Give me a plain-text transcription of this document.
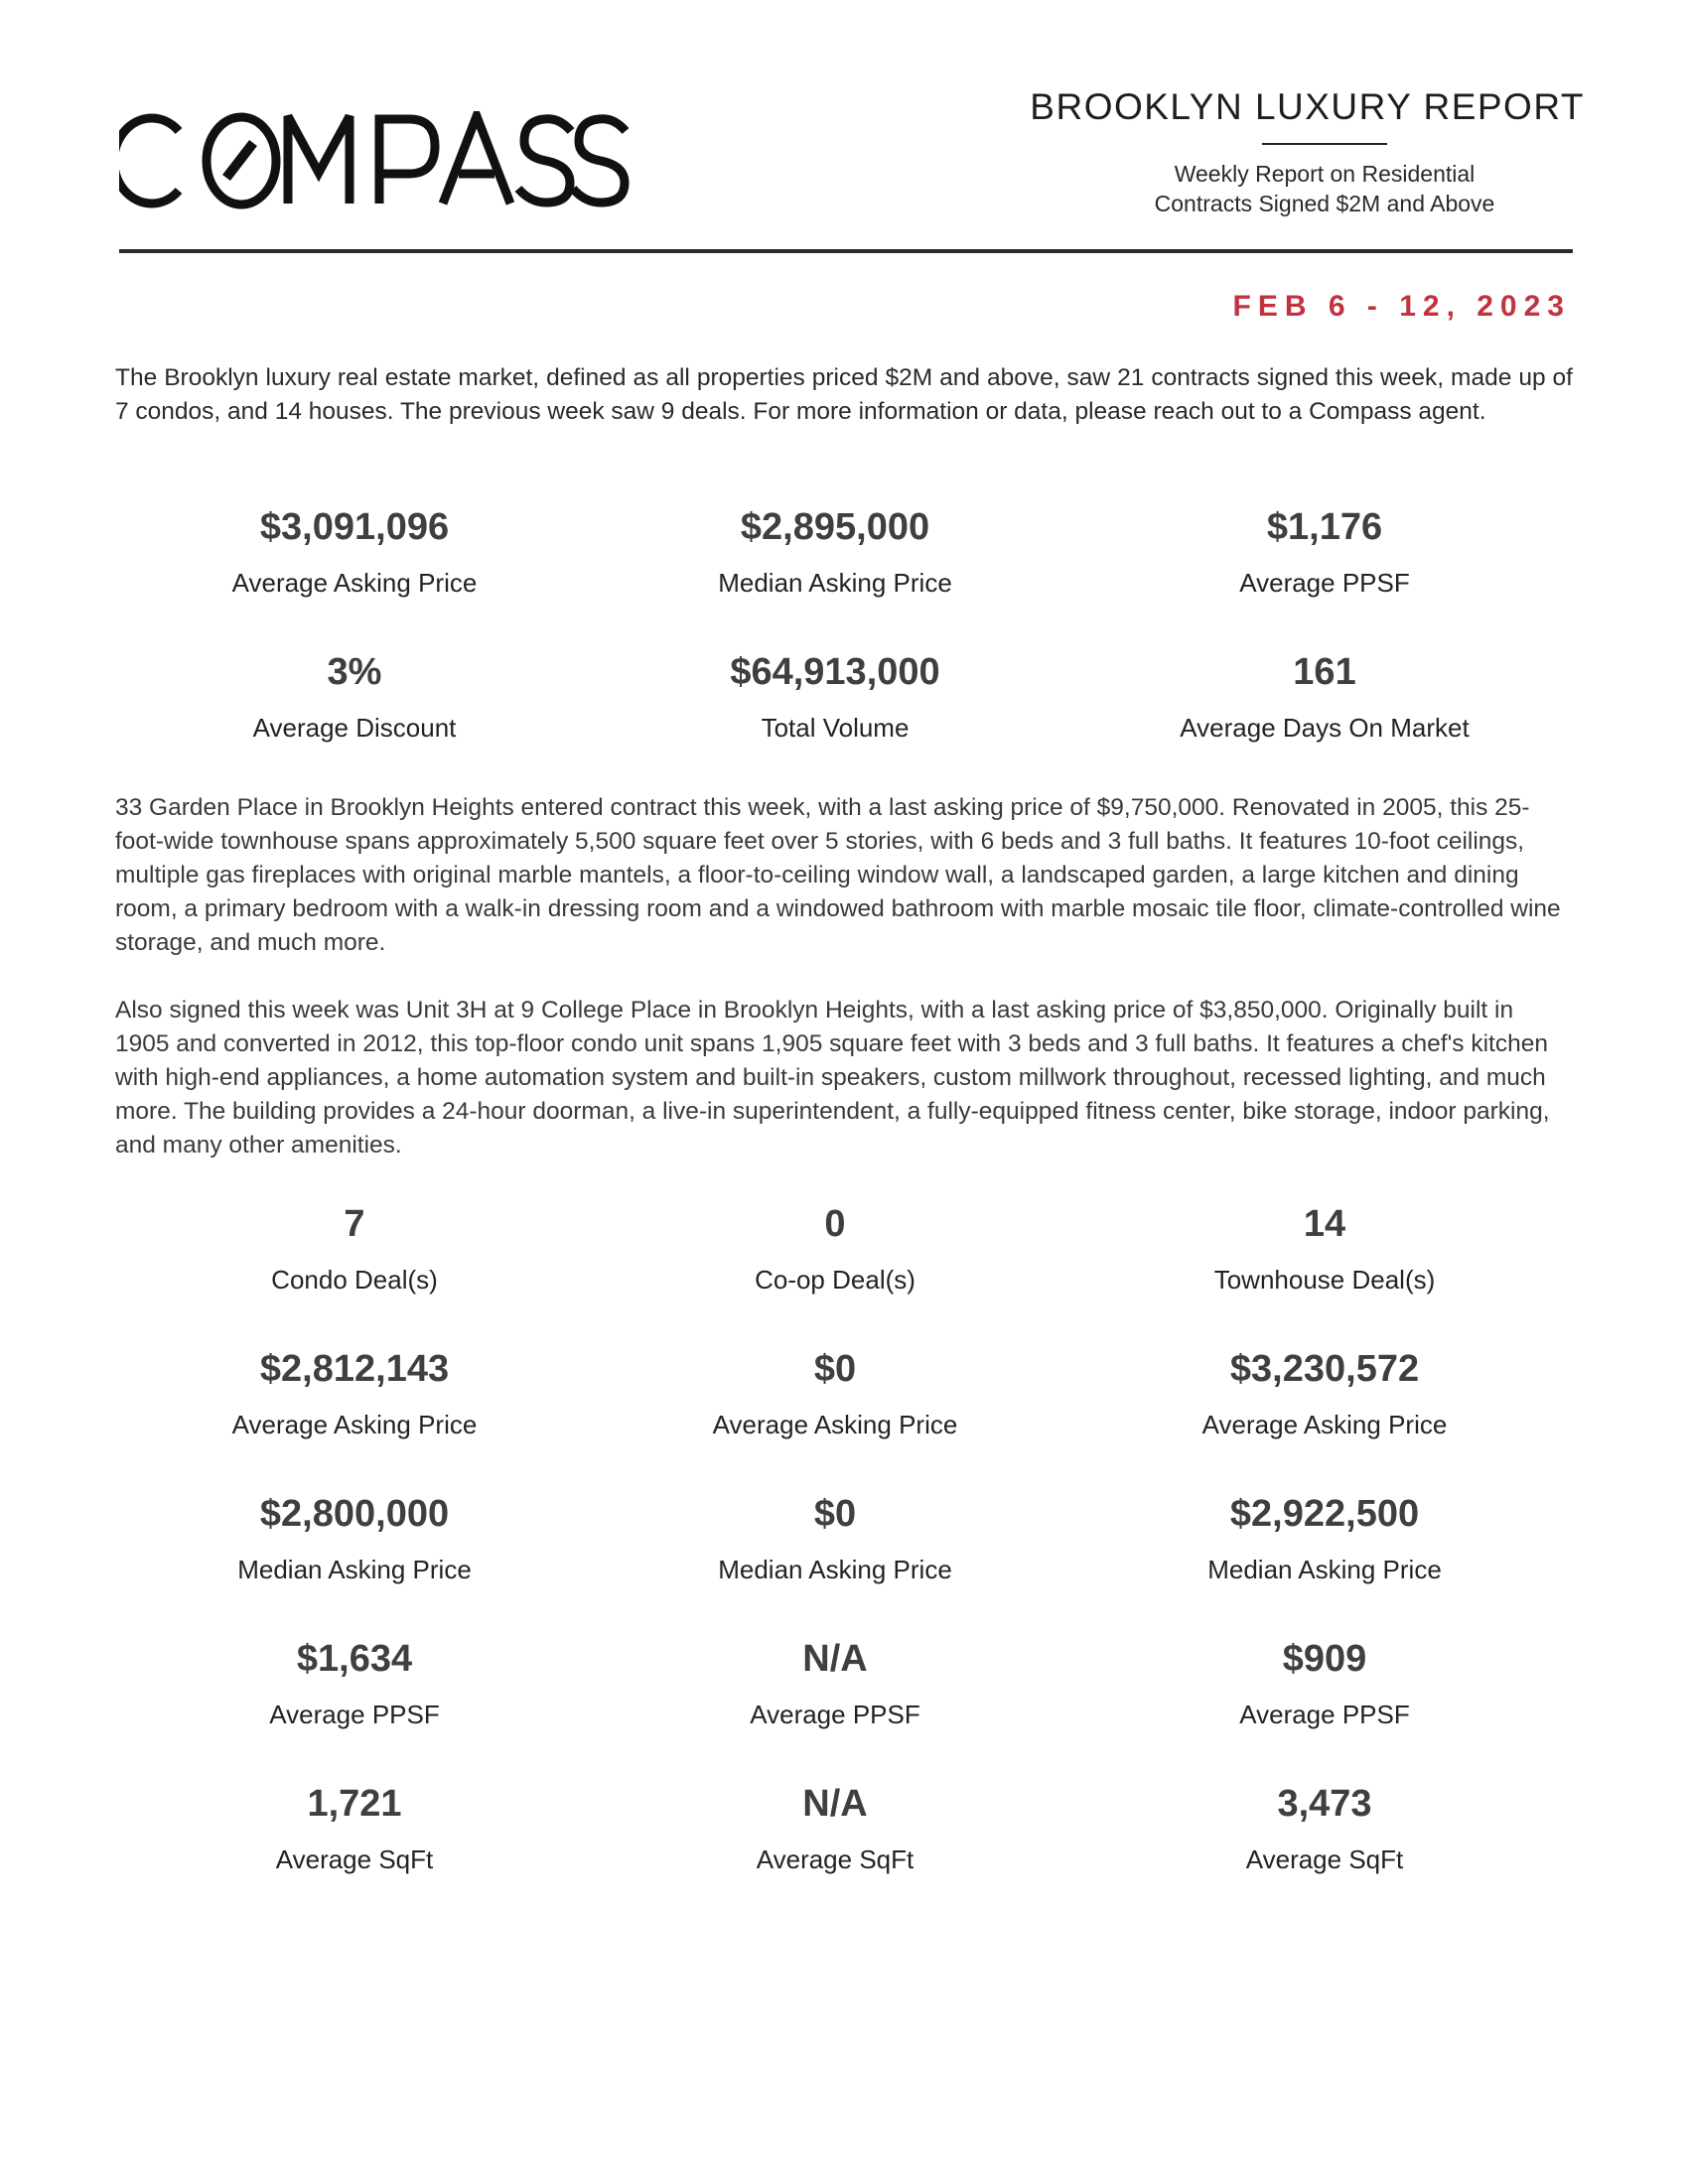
BROOKLYN LUXURY REPORT
Weekly Report on Residential
Contracts Signed $2M and Above
FEB 6 - 12, 2023

The Brooklyn luxury real estate market, defined as all properties priced $2M and above, saw 21 contracts signed this week, made up of 7 condos, and 14 houses. The previous week saw 9 deals. For more information or data, please reach out to a Compass agent.

$3,091,096
Average Asking Price
$2,895,000
Median Asking Price
$1,176
Average PPSF
3%
Average Discount
$64,913,000
Total Volume
161
Average Days On Market

33 Garden Place in Brooklyn Heights entered contract this week, with a last asking price of $9,750,000. Renovated in 2005, this 25-foot-wide townhouse spans approximately 5,500 square feet over 5 stories, with 6 beds and 3 full baths. It features 10-foot ceilings, multiple gas fireplaces with original marble mantels, a floor-to-ceiling window wall, a landscaped garden, a large kitchen and dining room, a primary bedroom with a walk-in dressing room and a windowed bathroom with marble mosaic tile floor, climate-controlled wine storage, and much more.

Also signed this week was Unit 3H at 9 College Place in Brooklyn Heights, with a last asking price of $3,850,000. Originally built in 1905 and converted in 2012, this top-floor condo unit spans 1,905 square feet with 3 beds and 3 full baths. It features a chef's kitchen with high-end appliances, a home automation system and built-in speakers, custom millwork throughout, recessed lighting, and much more. The building provides a 24-hour doorman, a live-in superintendent, a fully-equipped fitness center, bike storage, indoor parking, and many other amenities.

7
Condo Deal(s)
0
Co-op Deal(s)
14
Townhouse Deal(s)
$2,812,143
Average Asking Price
$0
Average Asking Price
$3,230,572
Average Asking Price
$2,800,000
Median Asking Price
$0
Median Asking Price
$2,922,500
Median Asking Price
$1,634
Average PPSF
N/A
Average PPSF
$909
Average PPSF
1,721
Average SqFt
N/A
Average SqFt
3,473
Average SqFt
